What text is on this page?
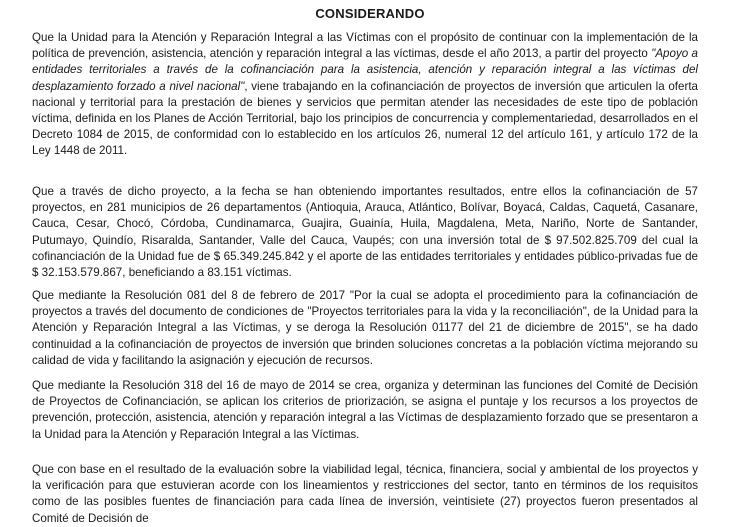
CONSIDERANDO

Que la Unidad para la Atención y Reparación Integral a las Víctimas con el propósito de continuar con la implementación de la política de prevención, asistencia, atención y reparación integral a las víctimas, desde el año 2013, a partir del proyecto "Apoyo a entidades territoriales a través de la cofinanciación para la asistencia, atención y reparación integral a las víctimas del desplazamiento forzado a nivel nacional", viene trabajando en la cofinanciación de proyectos de inversión que articulen la oferta nacional y territorial para la prestación de bienes y servicios que permitan atender las necesidades de este tipo de población víctima, definida en los Planes de Acción Territorial, bajo los principios de concurrencia y complementariedad, desarrollados en el Decreto 1084 de 2015, de conformidad con lo establecido en los artículos 26, numeral 12 del artículo 161, y artículo 172 de la Ley 1448 de 2011.

Que a través de dicho proyecto, a la fecha se han obteniendo importantes resultados, entre ellos la cofinanciación de 57 proyectos, en 281 municipios de 26 departamentos (Antioquia, Arauca, Atlántico, Bolívar, Boyacá, Caldas, Caquetá, Casanare, Cauca, Cesar, Chocó, Córdoba, Cundinamarca, Guajira, Guainía, Huila, Magdalena, Meta, Nariño, Norte de Santander, Putumayo, Quindío, Risaralda, Santander, Valle del Cauca, Vaupés; con una inversión total de $ 97.502.825.709 del cual la cofinanciación de la Unidad fue de $ 65.349.245.842 y el aporte de las entidades territoriales y entidades público-privadas fue de $ 32.153.579.867, beneficiando a 83.151 víctimas.

Que mediante la Resolución 081 del 8 de febrero de 2017 "Por la cual se adopta el procedimiento para la cofinanciación de proyectos a través del documento de condiciones de "Proyectos territoriales para la vida y la reconciliación", de la Unidad para la Atención y Reparación Integral a las Víctimas, y se deroga la Resolución 01177 del 21 de diciembre de 2015", se ha dado continuidad a la cofinanciación de proyectos de inversión que brinden soluciones concretas a la población víctima mejorando su calidad de vida y facilitando la asignación y ejecución de recursos.

Que mediante la Resolución 318 del 16 de mayo de 2014 se crea, organiza y determinan las funciones del Comité de Decisión de Proyectos de Cofinanciación, se aplican los criterios de priorización, se asigna el puntaje y los recursos a los proyectos de prevención, protección, asistencia, atención y reparación integral a las Víctimas de desplazamiento forzado que se presentaron a la Unidad para la Atención y Reparación Integral a las Víctimas.

Que con base en el resultado de la evaluación sobre la viabilidad legal, técnica, financiera, social y ambiental de los proyectos y la verificación para que estuvieran acorde con los lineamientos y restricciones del sector, tanto en términos de los requisitos como de las posibles fuentes de financiación para cada línea de inversión, veintisiete (27) proyectos fueron presentados al Comité de Decisión de
